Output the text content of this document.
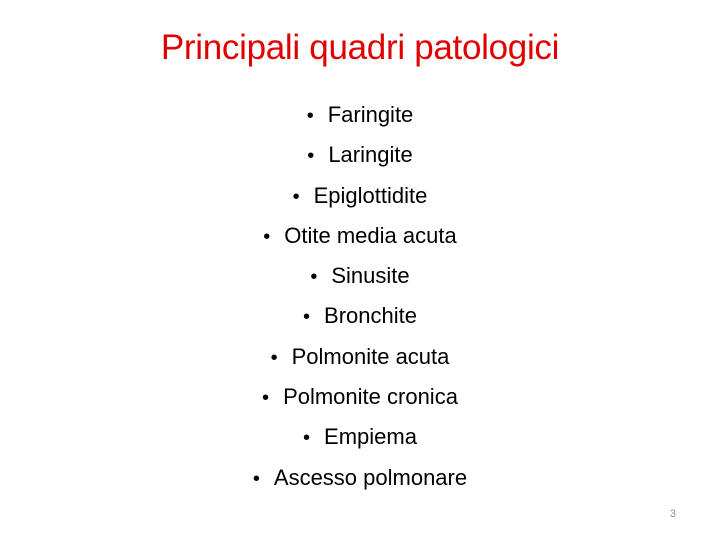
Principali quadri patologici
• Faringite
• Laringite
• Epiglottidite
• Otite media acuta
• Sinusite
• Bronchite
• Polmonite acuta
• Polmonite cronica
• Empiema
• Ascesso polmonare
3
